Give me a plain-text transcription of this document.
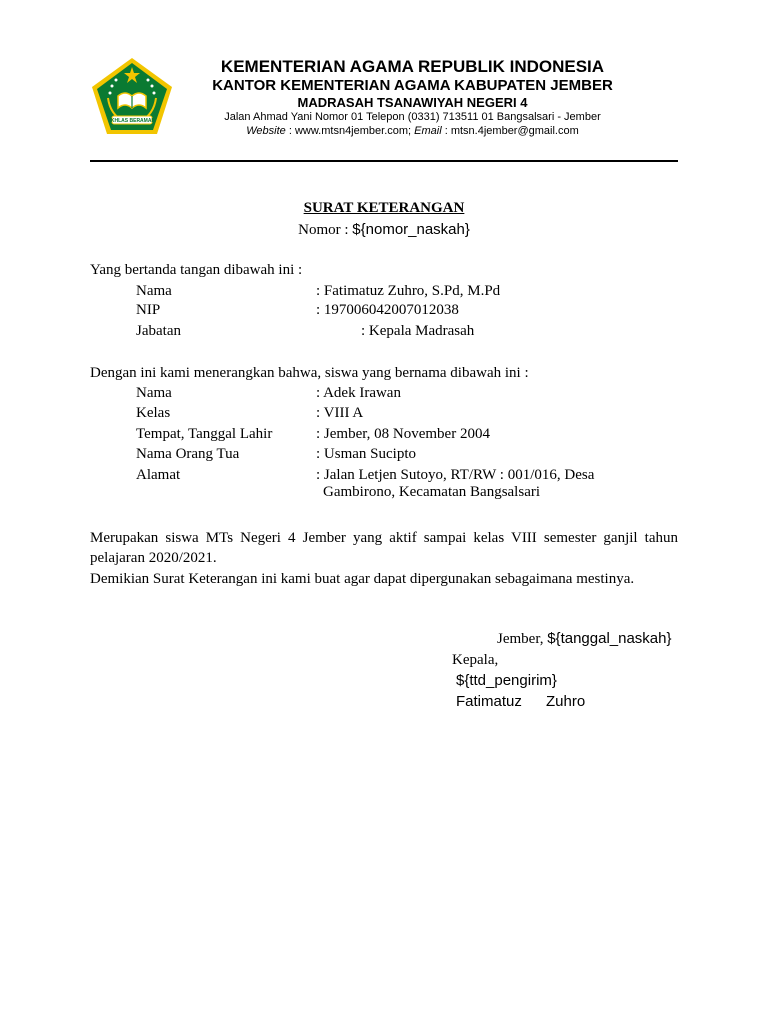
IKHLAS BERAMAL
KEMENTERIAN AGAMA REPUBLIK INDONESIA
KANTOR KEMENTERIAN AGAMA KABUPATEN JEMBER
MADRASAH TSANAWIYAH NEGERI 4
Jalan Ahmad Yani Nomor 01 Telepon (0331) 713511 01 Bangsalsari - Jember
Website : www.mtsn4jember.com; Email : mtsn.4jember@gmail.com
SURAT KETERANGAN
Nomor : ${nomor_naskah}
Yang bertanda tangan dibawah ini :
Nama	: Fatimatuz Zuhro, S.Pd, M.Pd
NIP	: 197006042007012038
Jabatan	: Kepala Madrasah
Dengan ini kami menerangkan bahwa, siswa yang bernama dibawah ini :
Nama	: Adek Irawan
Kelas	: VIII A
Tempat, Tanggal Lahir	: Jember, 08 November 2004
Nama Orang Tua	: Usman Sucipto
Alamat	: Jalan Letjen Sutoyo, RT/RW : 001/016, Desa
Gambirono, Kecamatan Bangsalsari
Merupakan siswa MTs Negeri 4 Jember yang aktif sampai kelas VIII semester ganjil tahun
pelajaran 2020/2021.
Demikian Surat Keterangan ini kami buat agar dapat dipergunakan sebagaimana mestinya.
Jember, ${tanggal_naskah}
Kepala,
${ttd_pengirim}
Fatimatuz Zuhro
